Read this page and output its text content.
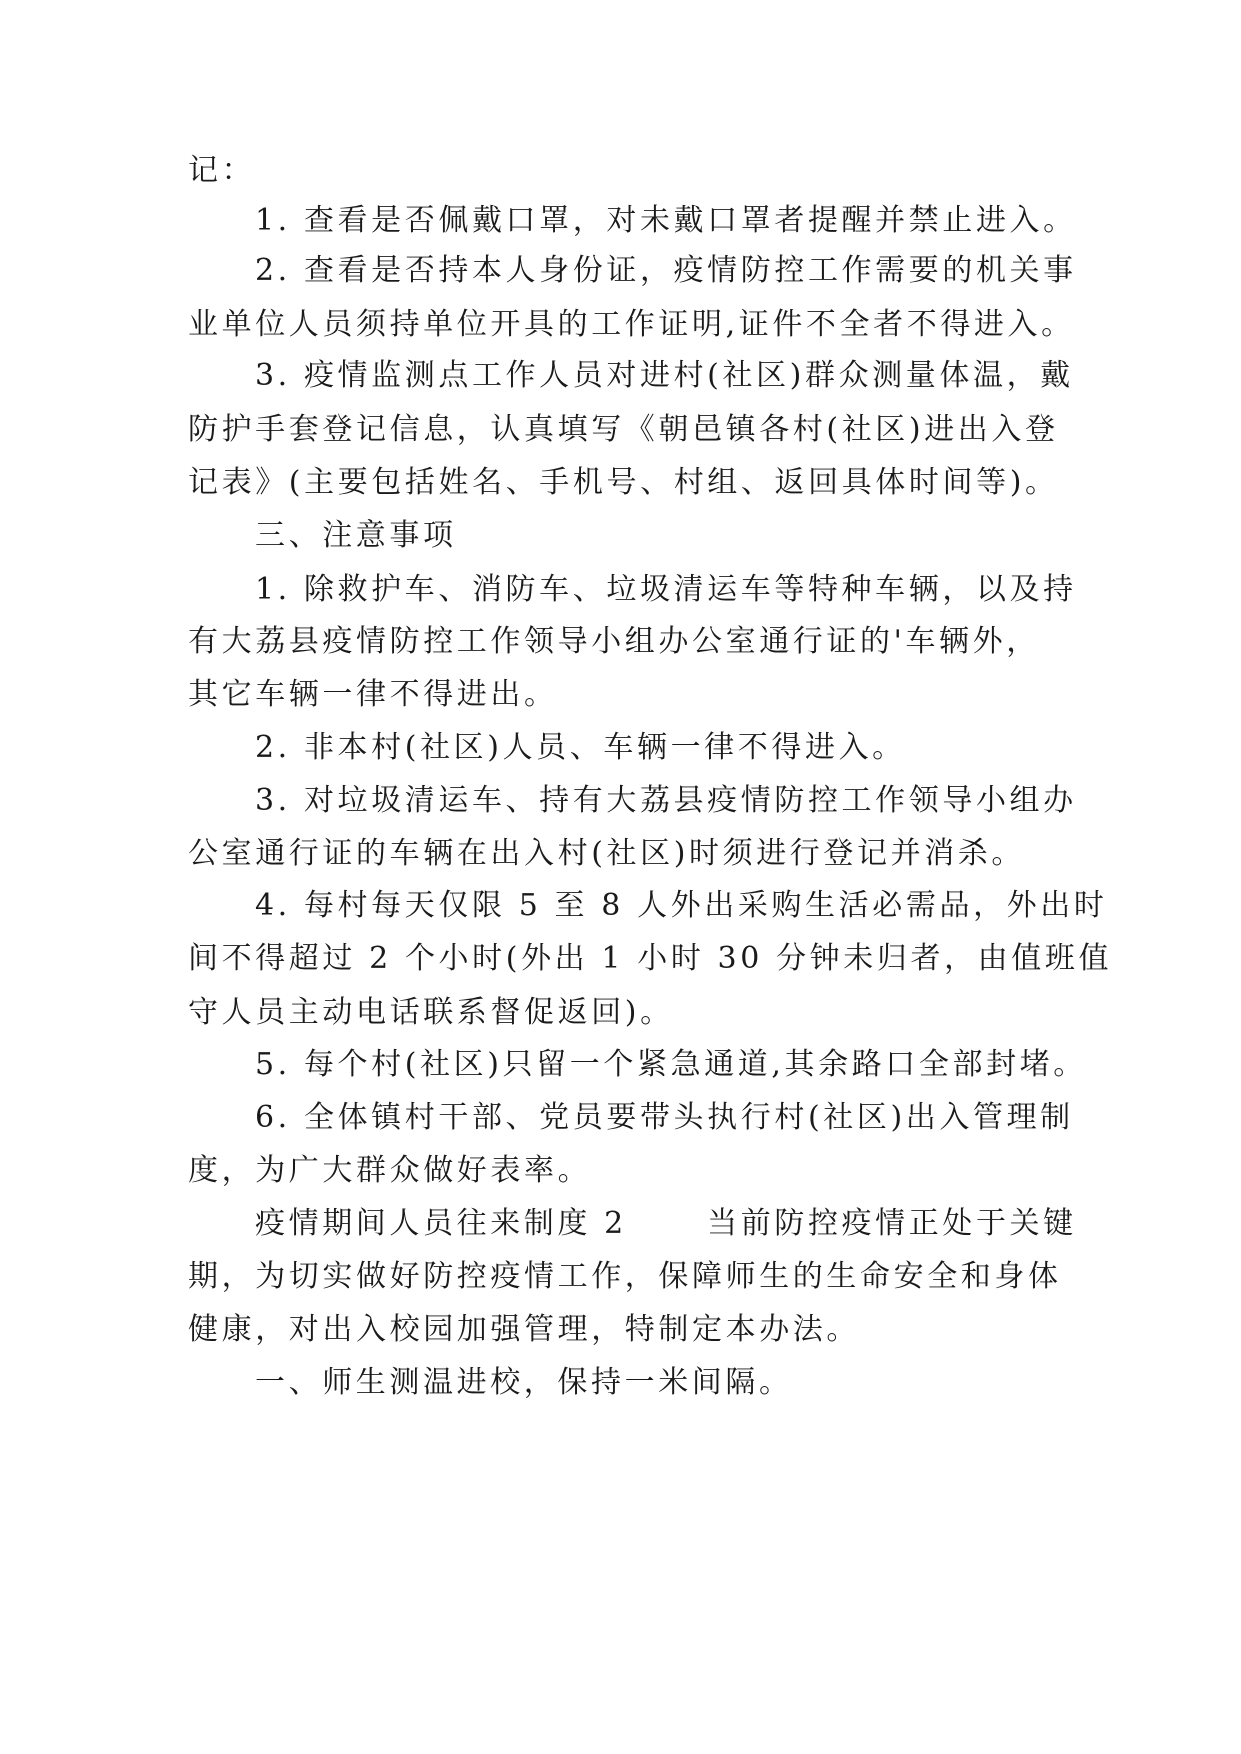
记：

1. 查看是否佩戴口罩，对未戴口罩者提醒并禁止进入。

2. 查看是否持本人身份证，疫情防控工作需要的机关事

业单位人员须持单位开具的工作证明,证件不全者不得进入。

3. 疫情监测点工作人员对进村(社区)群众测量体温，戴

防护手套登记信息，认真填写《朝邑镇各村(社区)进出入登

记表》(主要包括姓名、手机号、村组、返回具体时间等)。

三、注意事项

1. 除救护车、消防车、垃圾清运车等特种车辆，以及持

有大荔县疫情防控工作领导小组办公室通行证的'车辆外，

其它车辆一律不得进出。

2. 非本村(社区)人员、车辆一律不得进入。

3. 对垃圾清运车、持有大荔县疫情防控工作领导小组办

公室通行证的车辆在出入村(社区)时须进行登记并消杀。

4. 每村每天仅限 5 至 8 人外出采购生活必需品，外出时

间不得超过 2 个小时(外出 1 小时 30 分钟未归者，由值班值

守人员主动电话联系督促返回)。

5. 每个村(社区)只留一个紧急通道,其余路口全部封堵。

6. 全体镇村干部、党员要带头执行村(社区)出入管理制

度，为广大群众做好表率。

疫情期间人员往来制度 2　　 当前防控疫情正处于关键

期，为切实做好防控疫情工作，保障师生的生命安全和身体

健康，对出入校园加强管理，特制定本办法。

一、师生测温进校，保持一米间隔。
